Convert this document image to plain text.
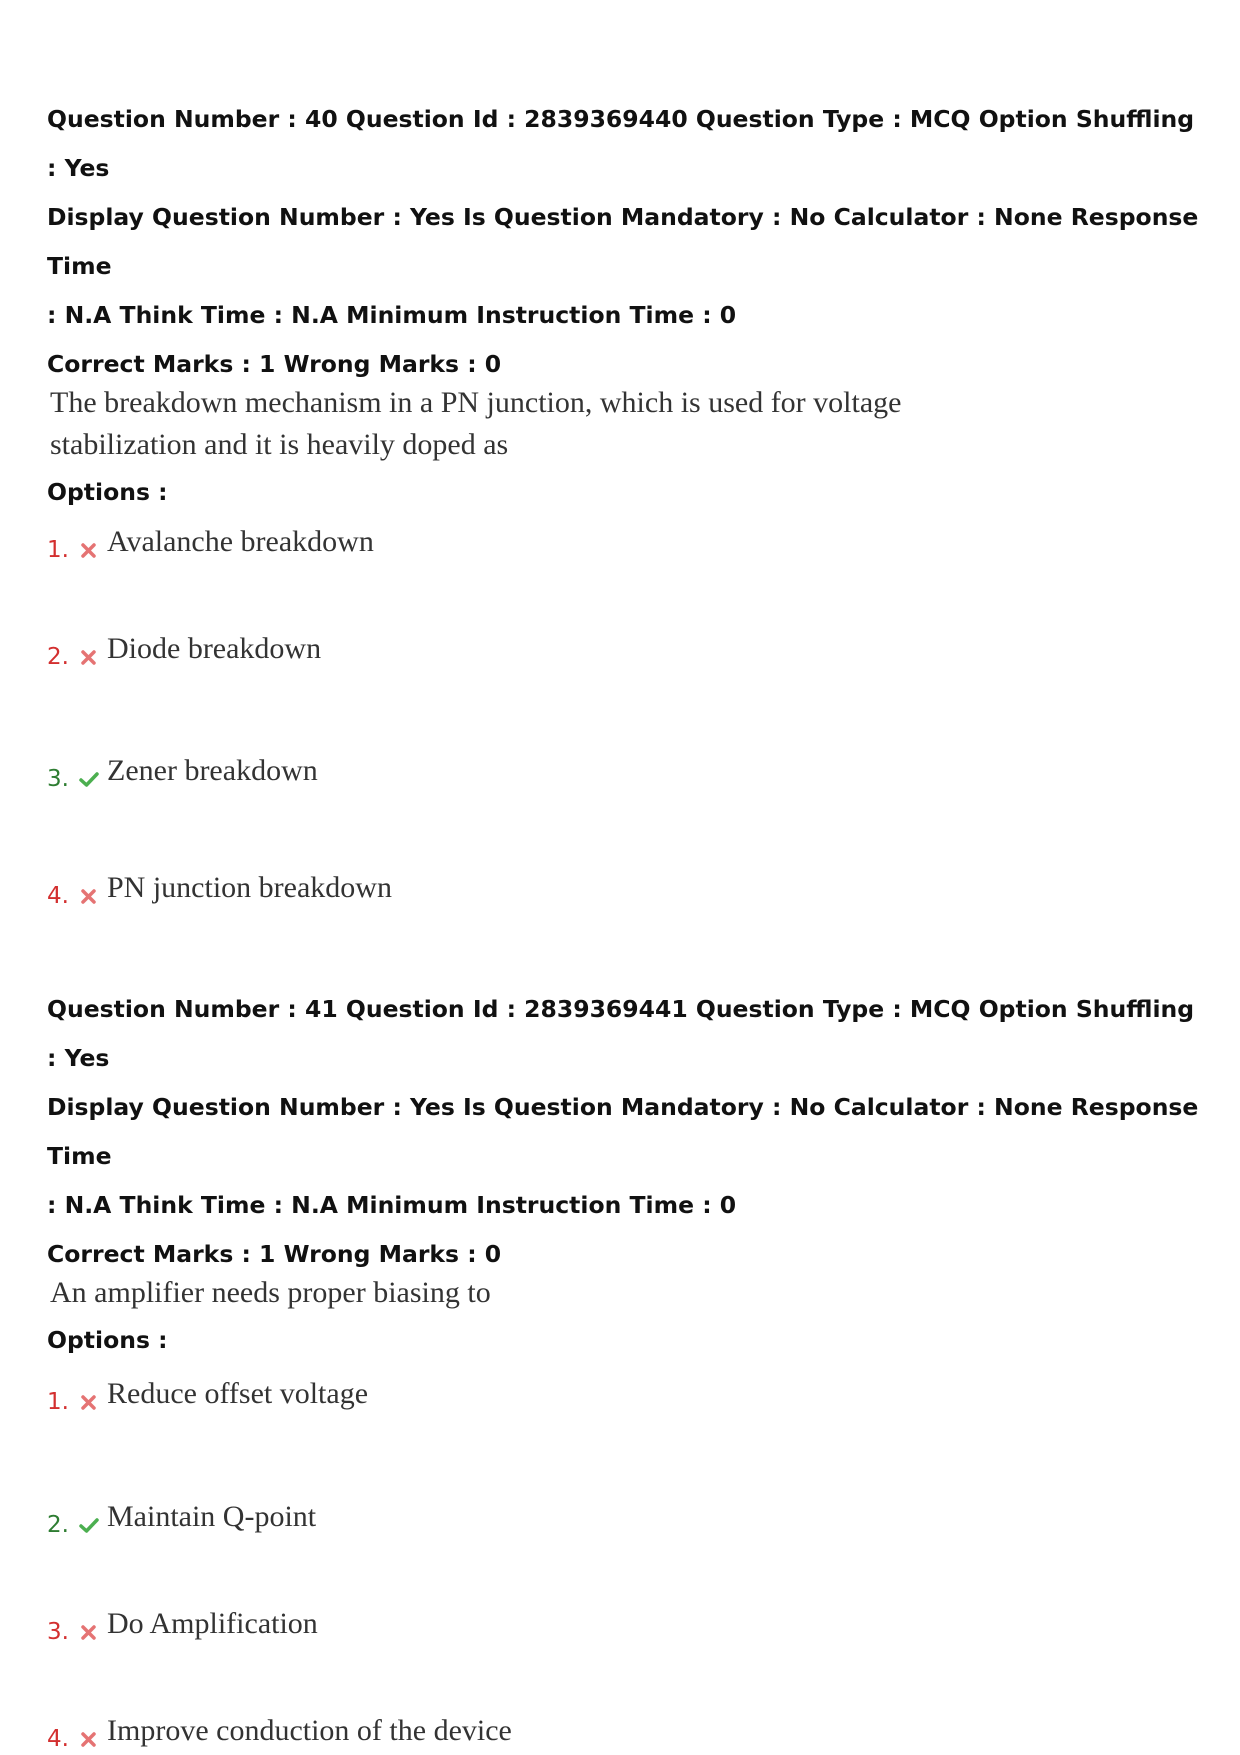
Question Number : 40 Question Id : 2839369440 Question Type : MCQ Option Shuffling : Yes

Display Question Number : Yes Is Question Mandatory : No Calculator : None Response Time

: N.A Think Time : N.A Minimum Instruction Time : 0

Correct Marks : 1 Wrong Marks : 0
The breakdown mechanism in a PN junction, which is used for voltage
stabilization and it is heavily doped as
Options :
1. Avalanche breakdown
2. Diode breakdown
3. Zener breakdown
4. PN junction breakdown

Question Number : 41 Question Id : 2839369441 Question Type : MCQ Option Shuffling : Yes

Display Question Number : Yes Is Question Mandatory : No Calculator : None Response Time

: N.A Think Time : N.A Minimum Instruction Time : 0

Correct Marks : 1 Wrong Marks : 0
An amplifier needs proper biasing to
Options :
1. Reduce offset voltage
2. Maintain Q-point
3. Do Amplification
4. Improve conduction of the device
